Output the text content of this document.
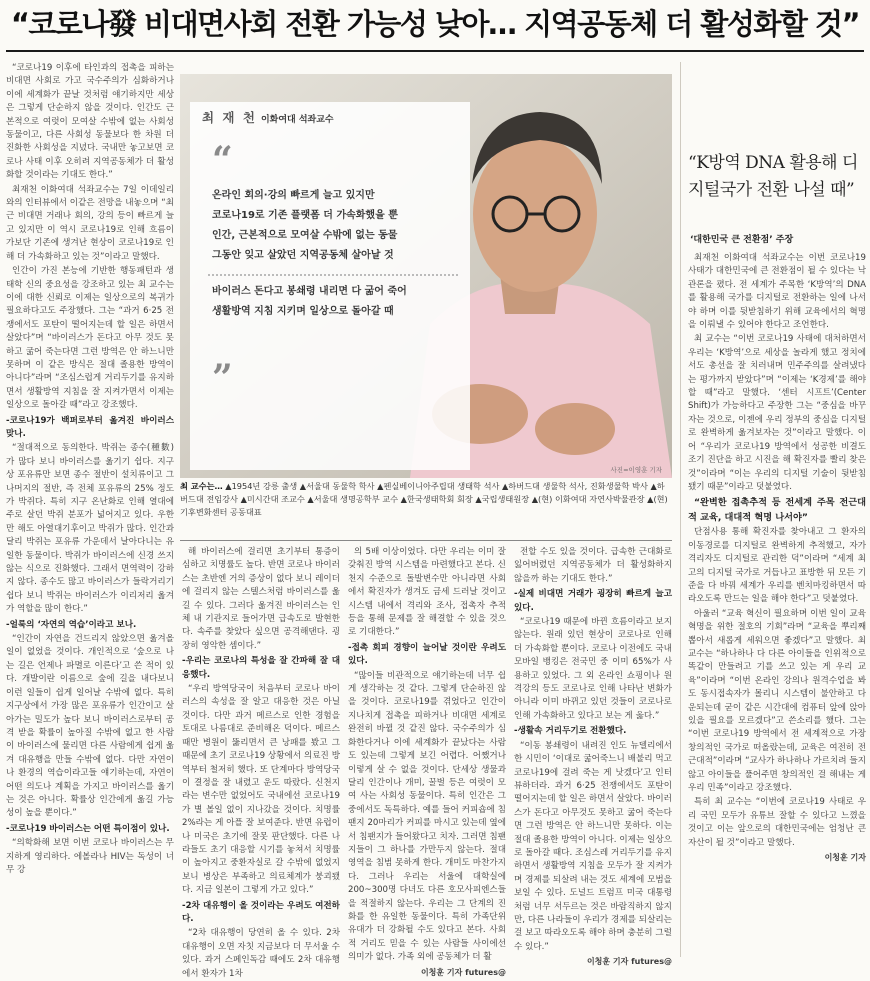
“코로나發 비대면사회 전환 가능성 낮아… 지역공동체 더 활성화할 것”

“코로나19 이후에 타인과의 접촉을 피하는 비대면 사회로 가고 국수주의가 심화하거나 이에 세계화가 끝날 것처럼 얘기하지만 세상은 그렇게 단순하지 않을 것이다. 인간도 근본적으로 여럿이 모여살 수밖에 없는 사회성 동물이고, 다른 사회성 동물보다 한 차원 더 진화한 사회성을 지녔다. 국내만 놓고보면 코로나 사태 이후 오히려 지역공동체가 더 활성화할 것이라는 기대도 한다.”

최재천 이화여대 석좌교수는 7일 이데일리와의 인터뷰에서 이같은 전망을 내놓으며 “최근 비대면 거래나 회의, 강의 등이 빠르게 늘고 있지만 이 역시 코로나19로 인해 흐름이 가보단 기존에 생겨난 현상이 코로나19로 인해 더 가속화하고 있는 것”이라고 말했다.

인간이 가진 본능에 기반한 행동패턴과 생태학 신의 중요성을 강조하고 있는 최 교수는 이에 대한 신뢰로 이제는 일상으로의 복귀가 필요하다고도 주장했다. 그는 “과거 6·25 전쟁에서도 포탄이 떨어지는데 할 일은 하면서 살았다”며 “바이러스가 돈다고 아무 것도 못하고 굶어 죽는다면 그런 방역은 안 하느니만 못하며 이 같은 방식은 절대 졸용한 방역이 아니다”라며 “조심스럽게 거리두기를 유지하면서 생활방역 지침을 잘 지켜가면서 이제는 일상으로 돌아갈 때”라고 강조했다.

-코로나19가 백퍼로부터 옮겨진 바이러스 맞나.

“절대적으로 동의한다. 박쥐는 종수(種數)가 많다 보니 바이러스를 옮기기 쉽다. 지구상 포유류만 보면 종수 절반이 설치류이고 그 나머지의 절반, 즉 전체 포유류의 25% 정도가 박쥐다. 특히 지구 온난화로 인해 열대에 주로 살던 박쥐 분포가 넓어지고 있다. 우한만 해도 아열대기후이고 박쥐가 많다. 인간과 달리 박쥐는 포유류 가운데서 날아다니는 유일한 동물이다. 박쥐가 바이러스에 신경 쓰지 않는 식으로 진화했다. 그래서 면역력이 강하지 않다. 종수도 많고 바이러스가 들락거리기 쉽다 보니 박쥐는 바이러스가 이리저리 옮겨가 역할을 많이 한다.”

-얼룩의 ‘자연의 역습’이라고 보나.

“인간이 자연을 건드리지 않았으면 옮겨올 일이 없었을 것이다. 개인적으로 ‘숲으로 나는 길은 언제나 파멸로 이른다’고 쓴 적이 있다. 개발이란 이름으로 숲에 길을 내다보니 이런 일들이 쉽게 일어날 수밖에 없다. 특히 지구상에서 가장 많은 포유류가 인간이고 살아가는 밀도가 높다 보니 바이러스로부터 공격 받을 확률이 높아질 수밖에 없고 한 사람이 바이러스에 물리면 다른 사람에게 쉽게 옮겨 대유행을 만들 수밖에 없다. 다만 자연이나 환경의 역습이라고들 얘기하는데, 자연이 어떤 의도나 계획을 가지고 바이러스를 옮기는 것은 아니다. 확률상 인간에게 옮길 가능성이 높을 뿐이다.”

-코로나19 바이러스는 어떤 특이점이 있나.

“의학화해 보면 이번 코로나 바이러스는 무지하게 영리하다. 에볼라나 HIV는 독성이 너무 강

최 재 천 이화여대 석좌교수
“
온라인 회의·강의 빠르게 늘고 있지만
코로나19로 기존 플랫폼 더 가속화했을 뿐
인간, 근본적으로 모여살 수밖에 없는 동물
그동안 잊고 살았던 지역공동체 살아날 것
바이러스 돈다고 봉쇄령 내리면 다 굶어 죽어
생활방역 지침 지키며 일상으로 돌아갈 때
”
사진=이영훈 기자
최 교수는… ▲1954년 강릉 출생 ▲서울대 동물학 학사 ▲펜실베이니아주립대 생태학 석사 ▲하버드대 생물학 석사, 진화생물학 박사 ▲하버드대 전임강사 ▲미시간대 조교수 ▲서울대 생명공학부 교수 ▲한국생태학회 회장 ▲국립생태원장 ▲(현) 이화여대 자연사박물관장 ▲(현) 기후변화센터 공동대표

해 바이러스에 걸리면 초기부터 통증이 심하고 치명률도 높다. 반면 코로나 바이러스는 초반엔 거의 증상이 없다 보니 레이더에 걸리지 않는 스텔스처럼 바이러스를 옮길 수 있다. 그러다 옮겨진 바이러스는 인체 내 기관지로 들어가면 급속도로 발현한다. 속주를 찾았다 싶으면 공격해댄다. 굉장히 영악한 셈이다.”

-우리는 코로나의 특성을 잘 간파해 잘 대응했다.

“우리 방역당국이 처음부터 코로나 바이러스의 속성을 잘 알고 대응한 것은 아닐 것이다. 다만 과거 메르스로 인한 경험을 토대로 나름대로 준비해온 덕이다. 메르스 때만 병원이 뚫리면서 큰 낭패를 봤고 그 때문에 초기 코로나19 상황에서 의료진 방역부터 철저히 했다. 또 단계마다 방역당국이 결정을 잘 내렸고 운도 따랐다. 신천지라는 변수만 없었어도 국내에선 코로나19가 별 볼일 없이 지나갔을 것이다. 치명률 2%라는 게 아플 잘 보여준다. 반면 유럽이나 미국은 초기에 잘못 판단했다. 다른 나라들도 초기 대응할 시기를 놓쳐서 치명률이 높아지고 중환자실로 갈 수밖에 없었지 보니 병상은 부족하고 의료체계가 붕괴됐다. 지금 일본이 그렇게 가고 있다.”

-2차 대유행이 올 것이라는 우려도 여전하다.

“2차 대유행이 당연히 올 수 있다. 2차 대유행이 오면 자칫 지금보다 더 무서울 수 있다. 과거 스페인독감 때에도 2차 대유행에서 환자가 1차

의 5배 이상이었다. 다만 우리는 이미 잘 갖춰진 방역 시스템을 마련했다고 본다. 신천지 수준으로 돌발변수만 아니라면 사회에서 확진자가 생겨도 금세 드러날 것이고 시스템 내에서 격리와 조사, 접촉자 추적 등을 통해 문제를 잘 해결할 수 있을 것으로 기대한다.”

-접촉 회피 경향이 늘어날 것이란 우려도 있다.

“많이들 비관적으로 얘기하는데 너무 쉽게 생각하는 것 같다. 그렇게 단순하진 않을 것이다. 코로나19를 겪었다고 인간이 지나치게 접촉을 피하거나 비대면 세계로 완전히 바뀔 것 같진 않다. 국수주의가 심화한다거나 이에 세계화가 끝났다는 사람도 있는데 그렇게 보긴 어렵다. 어쨌거나 이렇게 살 수 없을 것이다. 단세상 생물과 달리 인간이나 개미, 꿀벌 등은 여럿이 모여 사는 사회성 동물이다. 특히 인간은 그중에서도 독특하다. 예를 들어 커피숍에 침팬지 20마리가 커피를 마시고 있는데 옆에서 침팬지가 들어왔다고 치자. 그러면 침팬지들이 그 하나를 가만두지 않는다. 절대 영역을 침범 못하게 한다. 개미도 마찬가지다. 그러나 우리는 서울에 대학실에 200~300명 다녀도 다른 호모사피엔스들을 적절하지 않는다. 우리는 그 단계의 진화를 한 유일한 동물이다. 특히 가족단위 유대가 더 강화될 수도 있다고 본다. 사회적 거리도 믿을 수 있는 사람들 사이에선 의미가 없다. 가족 외에 공동체가 더 활

이청훈 기자 futures@

전할 수도 있을 것이다. 급속한 근대화로 잃어버렸던 지역공동체가 더 활성화하지 않을까 하는 기대도 한다.”

-실제 비대면 거래가 굉장히 빠르게 늘고 있다.

“코로나19 때문에 바뀐 흐름이라고 보지 않는다. 원래 있던 현상이 코로나로 인해 더 가속화할 뿐이다. 코로나 이전에도 국내 모바일 뱅킹은 전국민 중 이미 65%가 사용하고 있었다. 그 외 온라인 쇼핑이나 원격강의 등도 코로나로 인해 나타난 변화가 아니라 이미 바뀌고 있던 것들이 코로나로 인해 가속화하고 있다고 보는 게 옳다.”

-생활속 거리두기로 전환했다.

“이동 봉쇄령이 내려진 인도 뉴델리에서 한 시민이 ‘이대로 굶어죽느니 배불리 먹고 코로나19에 걸려 죽는 게 낫겠다’고 인터뷰하더라. 과거 6·25 전쟁에서도 포탄이 떨어지는데 할 일은 하면서 살았다. 바이러스가 돈다고 아무것도 못하고 굶어 죽는다면 그런 방역은 안 하느니만 못하다. 이는 절대 졸용한 방역이 아니다. 이제는 일상으로 돌아갈 때다. 조심스레 거리두기를 유지하면서 생활방역 지침을 모두가 잘 지켜가며 경제를 되살려 내는 것도 세계에 모범을 보일 수 있다. 도널드 트럼프 미국 대통령처럼 너무 서두르는 것은 바람직하지 않지만, 다른 나라들이 우리가 경제를 되살리는 걸 보고 따라오도록 해야 하며 충분히 그럴 수 있다.”

이청훈 기자 futures@

“K방역 DNA 활용해 디지털국가 전환 나설 때”
‘대한민국 큰 전환점’ 주장

최재천 이화여대 석좌교수는 이번 코로나19 사태가 대한민국에 큰 전환점이 될 수 있다는 낙관론을 폈다. 전 세계가 주목한 ‘K방역’의 DNA를 활용해 국가를 디지털로 전환하는 일에 나서야 하며 이를 뒷받침하기 위해 교육에서의 혁명을 이뤄낼 수 있어야 한다고 조언한다.

최 교수는 “이번 코로나19 사태에 대처하면서 우리는 ‘K방역’으로 세상을 놀라게 했고 정치에서도 총선을 잘 치러내며 민주주의를 살려냈다는 평가까지 받았다”며 “이제는 ‘K경제’를 해야 할 때”라고 말했다. ‘센터 시프트’(Center Shift)가 가능하다고 주장한 그는 “중심을 바꾸자는 것으로, 이젠에 우리 정부의 중심을 디지털로 완벽하게 옮겨보자는 것”이라고 말했다. 이어 “우리가 코로나19 방역에서 성공한 비결도 조기 진단을 하고 시진을 해 확진자를 빨리 찾은 것”이라며 “이는 우리의 디지털 기술이 뒷받침됐기 때문”이라고 덧붙였다.

“완벽한 접촉추적 등 전세계 주목 전근대적 교육, 대대적 혁명 나서야”

단점사용 통해 확진자를 찾아내고 그 환자의 이동경로를 디지털로 완벽하게 추적했고, 자가격리자도 디지털로 관리한 덕”이라며 “세계 최고의 디지털 국가로 거듭나고 표방한 뒤 모든 기준을 다 바꿔 세계가 우리를 벤치마킹하면서 따라오도록 만드는 일을 해야 한다”고 덧붙였다.

아울러 “교육 혁신이 필요하며 이번 일이 교육 혁명을 위한 절호의 기회”라며 “교육을 뿌리째 뽑아서 새롭게 세워으면 좋겠다”고 말했다. 최 교수는 “하나하나 다 다른 아이들을 인위적으로 똑같이 만들려고 기를 쓰고 있는 게 우리 교육”이라며 “이번 온라인 강의나 원격수업을 봐도 동시접속자가 몰리니 시스템이 불안하고 다운되는데 굳이 같은 시간대에 컴퓨터 앞에 앉아있을 필요를 모르겠다”고 쓴소리를 했다. 그는 “이번 코로나19 방역에서 전 세계적으로 가장 창의적인 국가로 떠올랐는데, 교육은 여전히 전근대적”이라며 “교사가 하나하나 가르치려 들지 않고 아이들을 풀어주면 창의적인 걸 해내는 게 우리 민족”이라고 강조했다.

특히 최 교수는 “이번에 코로나19 사태로 우리 국민 모두가 유튜브 잘할 수 있다고 느꼈을 것이고 이는 앞으로의 대한민국에는 엄청난 큰 자산이 될 것”이라고 말했다.

이청훈 기자
